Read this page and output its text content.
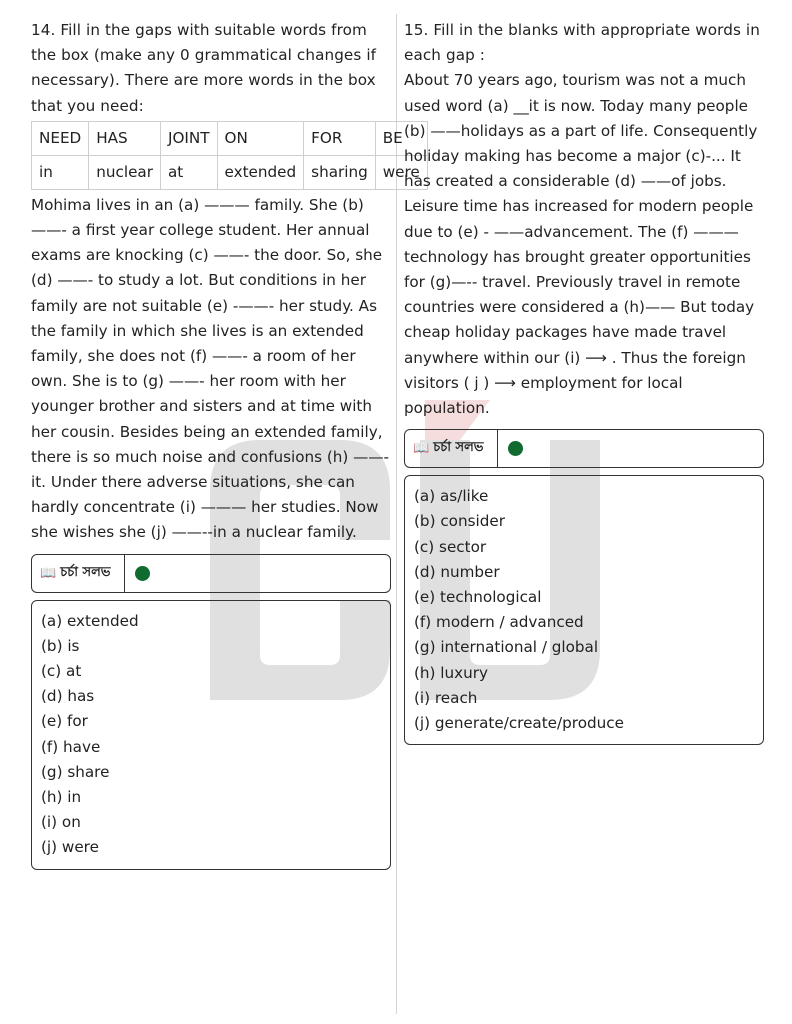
14. Fill in the gaps with suitable words from the box (make any 0 grammatical changes if necessary). There are more words in the box that you need:

NEED	HAS	JOINT	ON	FOR	BE
in	nuclear	at	extended	sharing	were

Mohima lives in an (a) ——— family. She (b) ——- a first year college student. Her annual exams are knocking (c) ——- the door. So, she (d) ——- to study a lot. But conditions in her family are not suitable (e) -——- her study. As the family in which she lives is an extended family, she does not (f) ——- a room of her own. She is to (g) ——- her room with her younger brother and sisters and at time with her cousin. Besides being an extended family, there is so much noise and confusions (h) ——- it. Under there adverse situations, she can hardly concentrate (i) ——— her studies. Now she wishes she (j) ——--in a nuclear family.

📖 চর্চা সলভ
(a) extended
(b) is
(c) at
(d) has
(e) for
(f) have
(g) share
(h) in
(i) on
(j) were

15. Fill in the blanks with appropriate words in each gap :

About 70 years ago, tourism was not a much used word (a) __it is now. Today many people (b) ——holidays as a part of life. Consequently holiday making has become a major (c)-... It has created a considerable (d) ——of jobs. Leisure time has increased for modern people due to (e) - ——advancement. The (f) ———technology has brought greater opportunities for (g)—-- travel. Previously travel in remote countries were considered a (h)—— But today cheap holiday packages have made travel anywhere within our (i) ⟶ . Thus the foreign visitors ( j ) ⟶ employment for local population.

📖 চর্চা সলভ
(a) as/like
(b) consider
(c) sector
(d) number
(e) technological
(f) modern / advanced
(g) international / global
(h) luxury
(i) reach
(j) generate/create/produce
